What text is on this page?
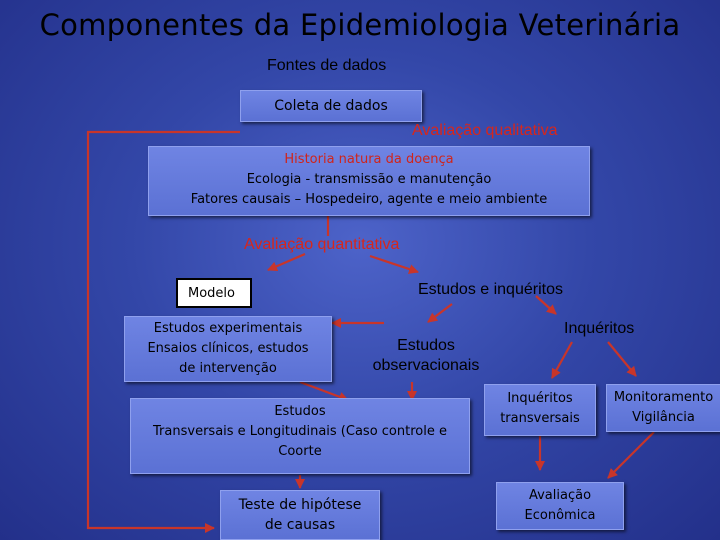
Componentes da Epidemiologia Veterinária
Fontes de dados
Coleta de dados
Avaliação qualitativa
Historia natura da doença
Ecologia - transmissão e manutenção
Fatores causais – Hospedeiro, agente e meio ambiente
Avaliação quantitativa
Modelo	Estudos e inquéritos
Estudos experimentais
Ensaios clínicos, estudos
de intervenção
Estudos
observacionais
Inquéritos
Estudos
Transversais e Longitudinais (Caso controle e
Coorte
Inquéritos
transversais
Monitoramento
Vigilância
Teste de hipótese
de causas
Avaliação
Econômica
